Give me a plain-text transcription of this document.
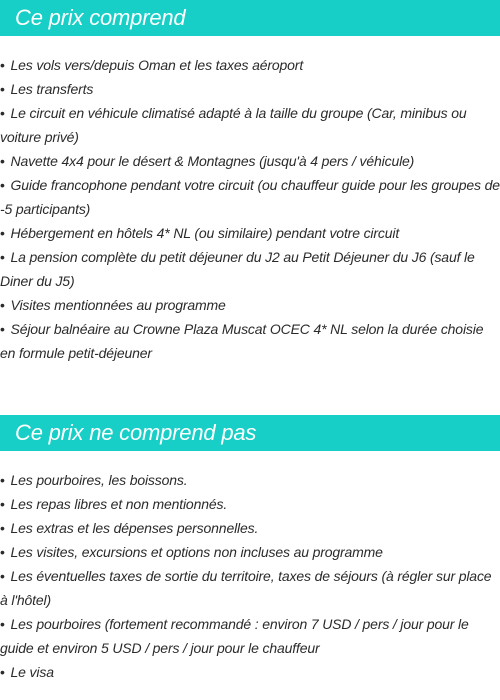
Ce prix comprend
• Les vols vers/depuis Oman et les taxes aéroport
• Les transferts
• Le circuit en véhicule climatisé adapté à la taille du groupe (Car, minibus ou voiture privé)
• Navette 4x4 pour le désert & Montagnes (jusqu'à 4 pers / véhicule)
• Guide francophone pendant votre circuit (ou chauffeur guide pour les groupes de -5 participants)
• Hébergement en hôtels 4* NL (ou similaire) pendant votre circuit
• La pension complète du petit déjeuner du J2 au Petit Déjeuner du J6 (sauf le Diner du J5)
• Visites mentionnées au programme
• Séjour balnéaire au Crowne Plaza Muscat OCEC 4* NL selon la durée choisie en formule petit-déjeuner
Ce prix ne comprend pas
• Les pourboires, les boissons.
• Les repas libres et non mentionnés.
• Les extras et les dépenses personnelles.
• Les visites, excursions et options non incluses au programme
• Les éventuelles taxes de sortie du territoire, taxes de séjours (à régler sur place à l'hôtel)
• Les pourboires (fortement recommandé : environ 7 USD / pers / jour pour le guide et environ 5 USD / pers / jour pour le chauffeur
• Le visa
